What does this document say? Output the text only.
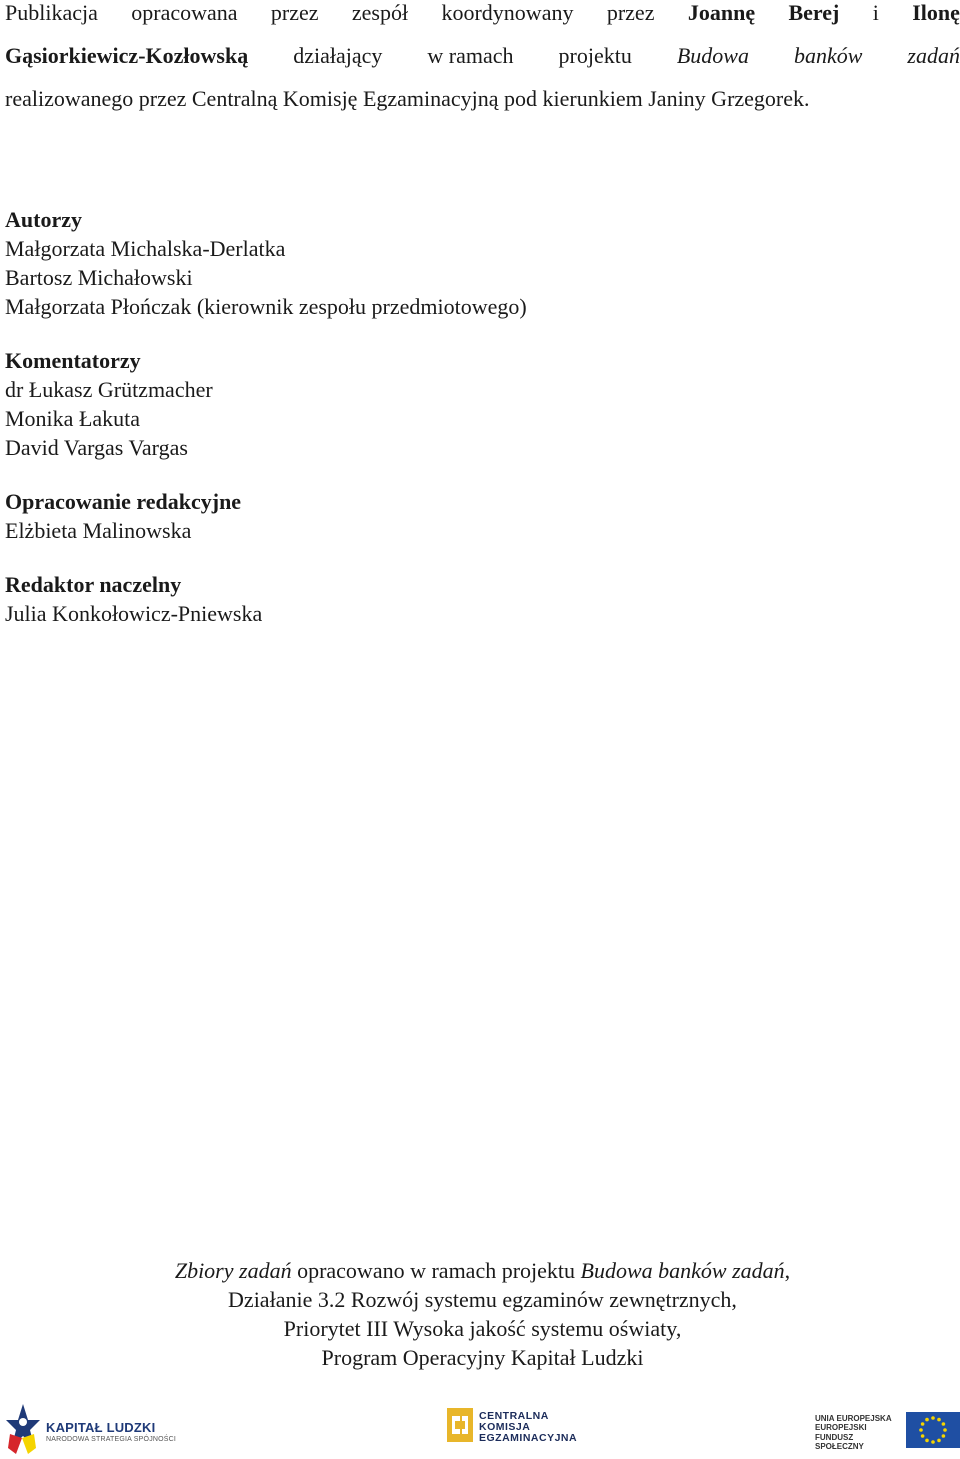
Publikacja opracowana przez zespół koordynowany przez Joannę Berej i Ilonę
Gąsiorkiewicz-Kozłowską działający w ramach projektu Budowa banków zadań
realizowanego przez Centralną Komisję Egzaminacyjną pod kierunkiem Janiny Grzegorek.
Autorzy
Małgorzata Michalska-Derlatka
Bartosz Michałowski
Małgorzata Płończak (kierownik zespołu przedmiotowego)
Komentatorzy
dr Łukasz Grützmacher
Monika Łakuta
David Vargas Vargas
Opracowanie redakcyjne
Elżbieta Malinowska
Redaktor naczelny
Julia Konkołowicz-Pniewska
Zbiory zadań opracowano w ramach projektu Budowa banków zadań,
Działanie 3.2 Rozwój systemu egzaminów zewnętrznych,
Priorytet III Wysoka jakość systemu oświaty,
Program Operacyjny Kapitał Ludzki
KAPITAŁ LUDZKI
NARODOWA STRATEGIA SPÓJNOŚCI
CENTRALNA
KOMISJA
EGZAMINACYJNA
UNIA EUROPEJSKA
EUROPEJSKI
FUNDUSZ SPOŁECZNY
